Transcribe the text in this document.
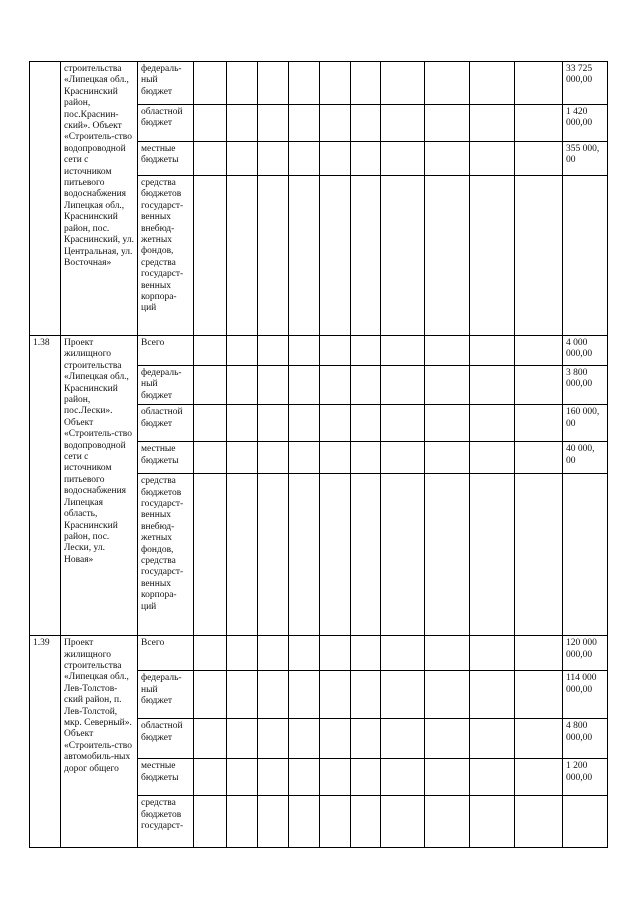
	строительства «Липецкая обл., Краснинский район, пос.Краснин-ский». Объект «Строитель-ство водопроводной сети с источником питьевого водоснабжения Липецкая обл., Краснинский район, пос. Краснинский, ул. Центральная, ул. Восточная»	федераль-ный бюджет											33 725 000,00
		областной бюджет											1 420 000,00
		местные бюджеты											355 000, 00
		средства бюджетов государст-венных внебюд-жетных фондов, средства государст-венных корпора-ций											
1.38	Проект жилищного строительства «Липецкая обл., Краснинский район, пос.Лески». Объект «Строитель-ство водопроводной сети с источником питьевого водоснабжения Липецкая область, Краснинский район, пос. Лески, ул. Новая»	Всего											4 000 000,00
		федераль-ный бюджет											3 800 000,00
		областной бюджет											160 000, 00
		местные бюджеты											40 000, 00
		средства бюджетов государст-венных внебюд-жетных фондов, средства государст-венных корпора-ций											
1.39	Проект жилищного строительства «Липецкая обл., Лев-Толстов-ский район, п. Лев-Толстой, мкр. Северный». Объект «Строитель-ство автомобиль-ных дорог общего	Всего											120 000 000,00
		федераль-ный бюджет											114 000 000,00
		областной бюджет											4 800 000,00
		местные бюджеты											1 200 000,00
		средства бюджетов государст-											
